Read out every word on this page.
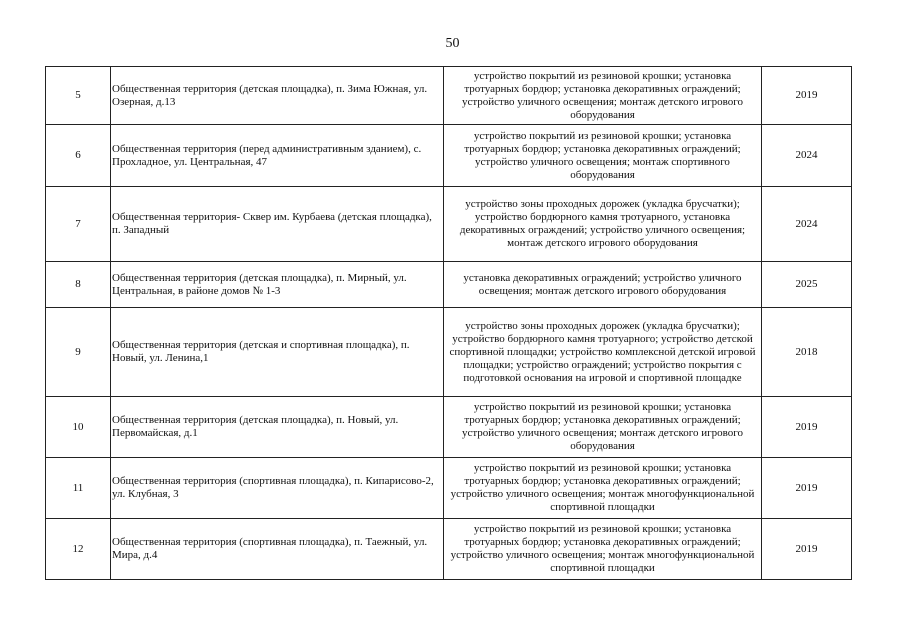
50
5	Общественная территория (детская площадка), п. Зима Южная, ул. Озерная, д.13	устройство покрытий из резиновой крошки; установка тротуарных бордюр; установка декоративных ограждений; устройство уличного освещения; монтаж детского игрового оборудования	2019
6	Общественная территория (перед административным зданием), с. Прохладное, ул. Центральная, 47	устройство покрытий из резиновой крошки; установка тротуарных бордюр; установка декоративных ограждений; устройство уличного освещения; монтаж спортивного оборудования	2024
7	Общественная территория- Сквер им. Курбаева (детская площадка), п. Западный	устройство зоны проходных дорожек (укладка брусчатки); устройство бордюрного камня тротуарного, установка декоративных ограждений; устройство уличного освещения; монтаж детского игрового оборудования	2024
8	Общественная территория (детская площадка), п. Мирный, ул. Центральная, в районе домов № 1-3	установка декоративных ограждений; устройство уличного освещения; монтаж детского игрового оборудования	2025
9	Общественная территория (детская и спортивная площадка), п. Новый, ул. Ленина,1	устройство зоны проходных дорожек (укладка брусчатки); устройство бордюрного камня тротуарного; устройство детской спортивной площадки; устройство комплексной детской игровой площадки; устройство ограждений; устройство покрытия с подготовкой основания на игровой и спортивной площадке	2018
10	Общественная территория (детская площадка), п. Новый, ул. Первомайская, д.1	устройство покрытий из резиновой крошки; установка тротуарных бордюр; установка декоративных ограждений; устройство уличного освещения; монтаж детского игрового оборудования	2019
11	Общественная территория (спортивная площадка), п. Кипарисово-2, ул. Клубная, 3	устройство покрытий из резиновой крошки; установка тротуарных бордюр; установка декоративных ограждений; устройство уличного освещения; монтаж многофункциональной спортивной площадки	2019
12	Общественная территория (спортивная площадка), п. Таежный, ул. Мира, д.4	устройство покрытий из резиновой крошки; установка тротуарных бордюр; установка декоративных ограждений; устройство уличного освещения; монтаж многофункциональной спортивной площадки	2019
